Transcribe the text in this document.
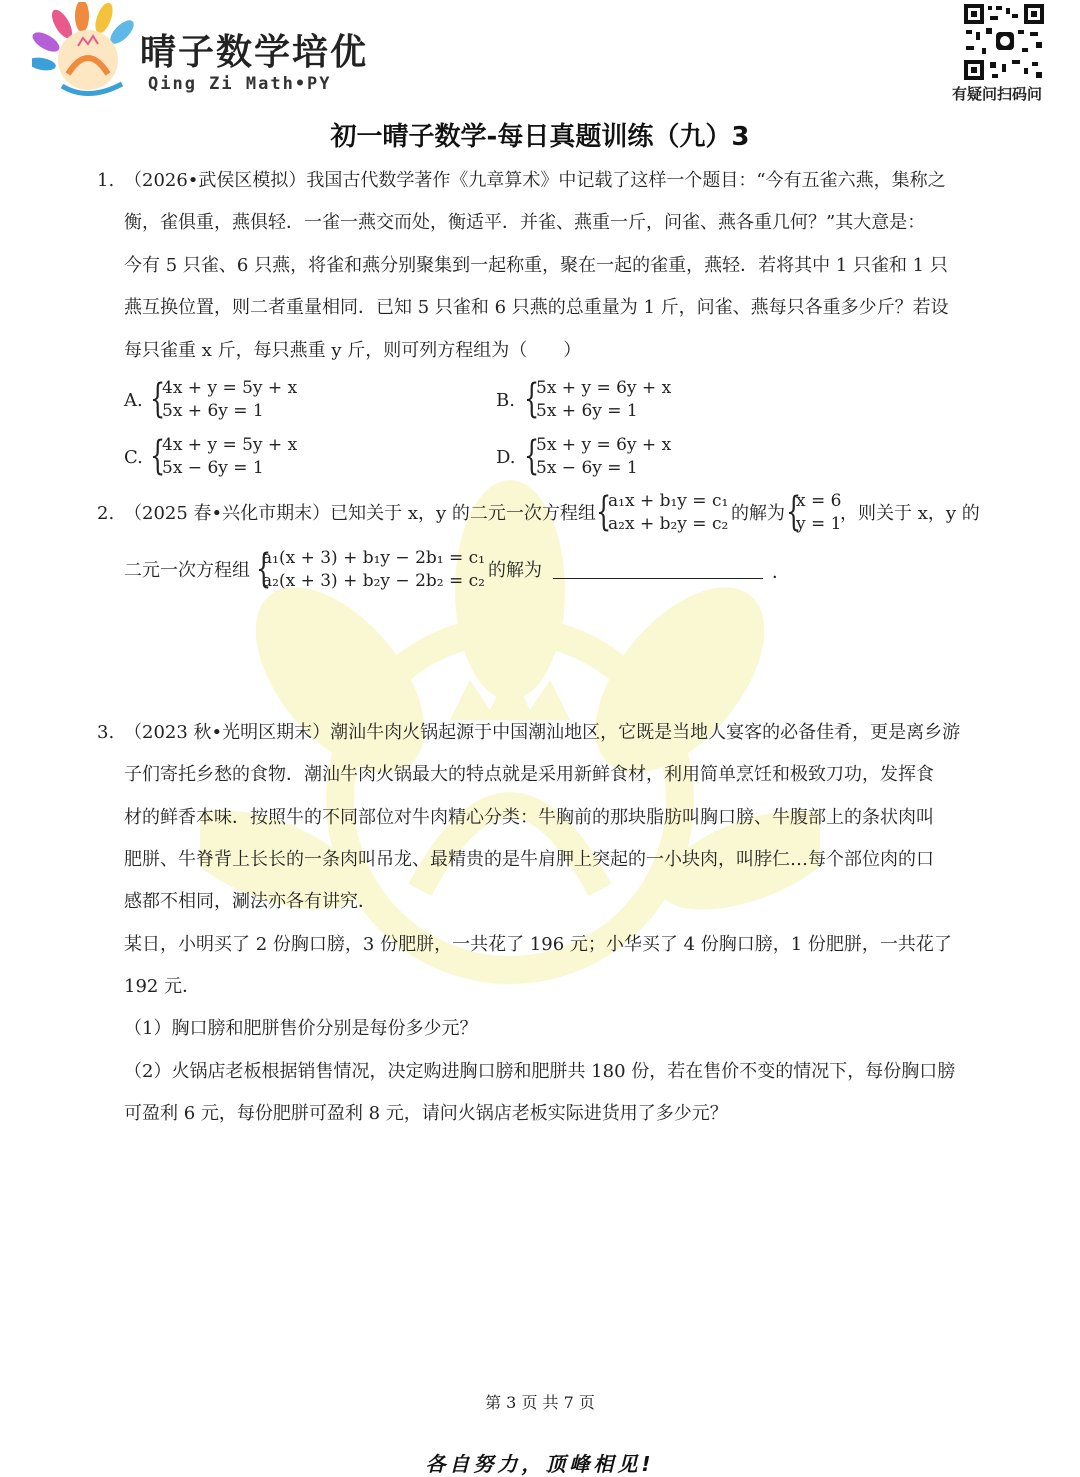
晴子数学培优
Qing Zi Math•PY	有疑问扫码问
初一晴子数学-每日真题训练（九）3
1. （2026•武侯区模拟）我国古代数学著作《九章算术》中记载了这样一个题目：“今有五雀六燕，集称之
衡，雀俱重，燕俱轻．一雀一燕交而处，衡适平．并雀、燕重一斤，问雀、燕各重几何？”其大意是：
今有 5 只雀、6 只燕，将雀和燕分别聚集到一起称重，聚在一起的雀重，燕轻．若将其中 1 只雀和 1 只
燕互换位置，则二者重量相同．已知 5 只雀和 6 只燕的总重量为 1 斤，问雀、燕每只各重多少斤？若设
每只雀重 x 斤，每只燕重 y 斤，则可列方程组为（　　）
A. {
4x + y = 5y + x
5x + 6y = 1	B. {
5x + y = 6y + x
5x + 6y = 1
C. {
4x + y = 5y + x
5x − 6y = 1	D. {
5x + y = 6y + x
5x − 6y = 1
2. （2025 春•兴化市期末）已知关于 x，y 的二元一次方程组 {
a₁x + b₁y = c₁
a₂x + b₂y = c₂ 的解为 {
x = 6
y = 1
，则关于 x，y 的
二元一次方程组 {
a₁(x + 3) + b₁y − 2b₁ = c₁
a₂(x + 3) + b₂y − 2b₂ = c₂ 的解为	．
3. （2023 秋•光明区期末）潮汕牛肉火锅起源于中国潮汕地区，它既是当地人宴客的必备佳肴，更是离乡游
子们寄托乡愁的食物．潮汕牛肉火锅最大的特点就是采用新鲜食材，利用简单烹饪和极致刀功，发挥食
材的鲜香本味．按照牛的不同部位对牛肉精心分类：牛胸前的那块脂肪叫胸口膀、牛腹部上的条状肉叫
肥胼、牛脊背上长长的一条肉叫吊龙、最精贵的是牛肩胛上突起的一小块肉，叫脖仁…每个部位肉的口
感都不相同，涮法亦各有讲究．
某日，小明买了 2 份胸口膀，3 份肥胼，一共花了 196 元；小华买了 4 份胸口膀，1 份肥胼，一共花了
192 元．
（1）胸口膀和肥胼售价分别是每份多少元？
（2）火锅店老板根据销售情况，决定购进胸口膀和肥胼共 180 份，若在售价不变的情况下，每份胸口膀
可盈利 6 元，每份肥胼可盈利 8 元，请问火锅店老板实际进货用了多少元？
第 3 页 共 7 页
各自努力，顶峰相见!
